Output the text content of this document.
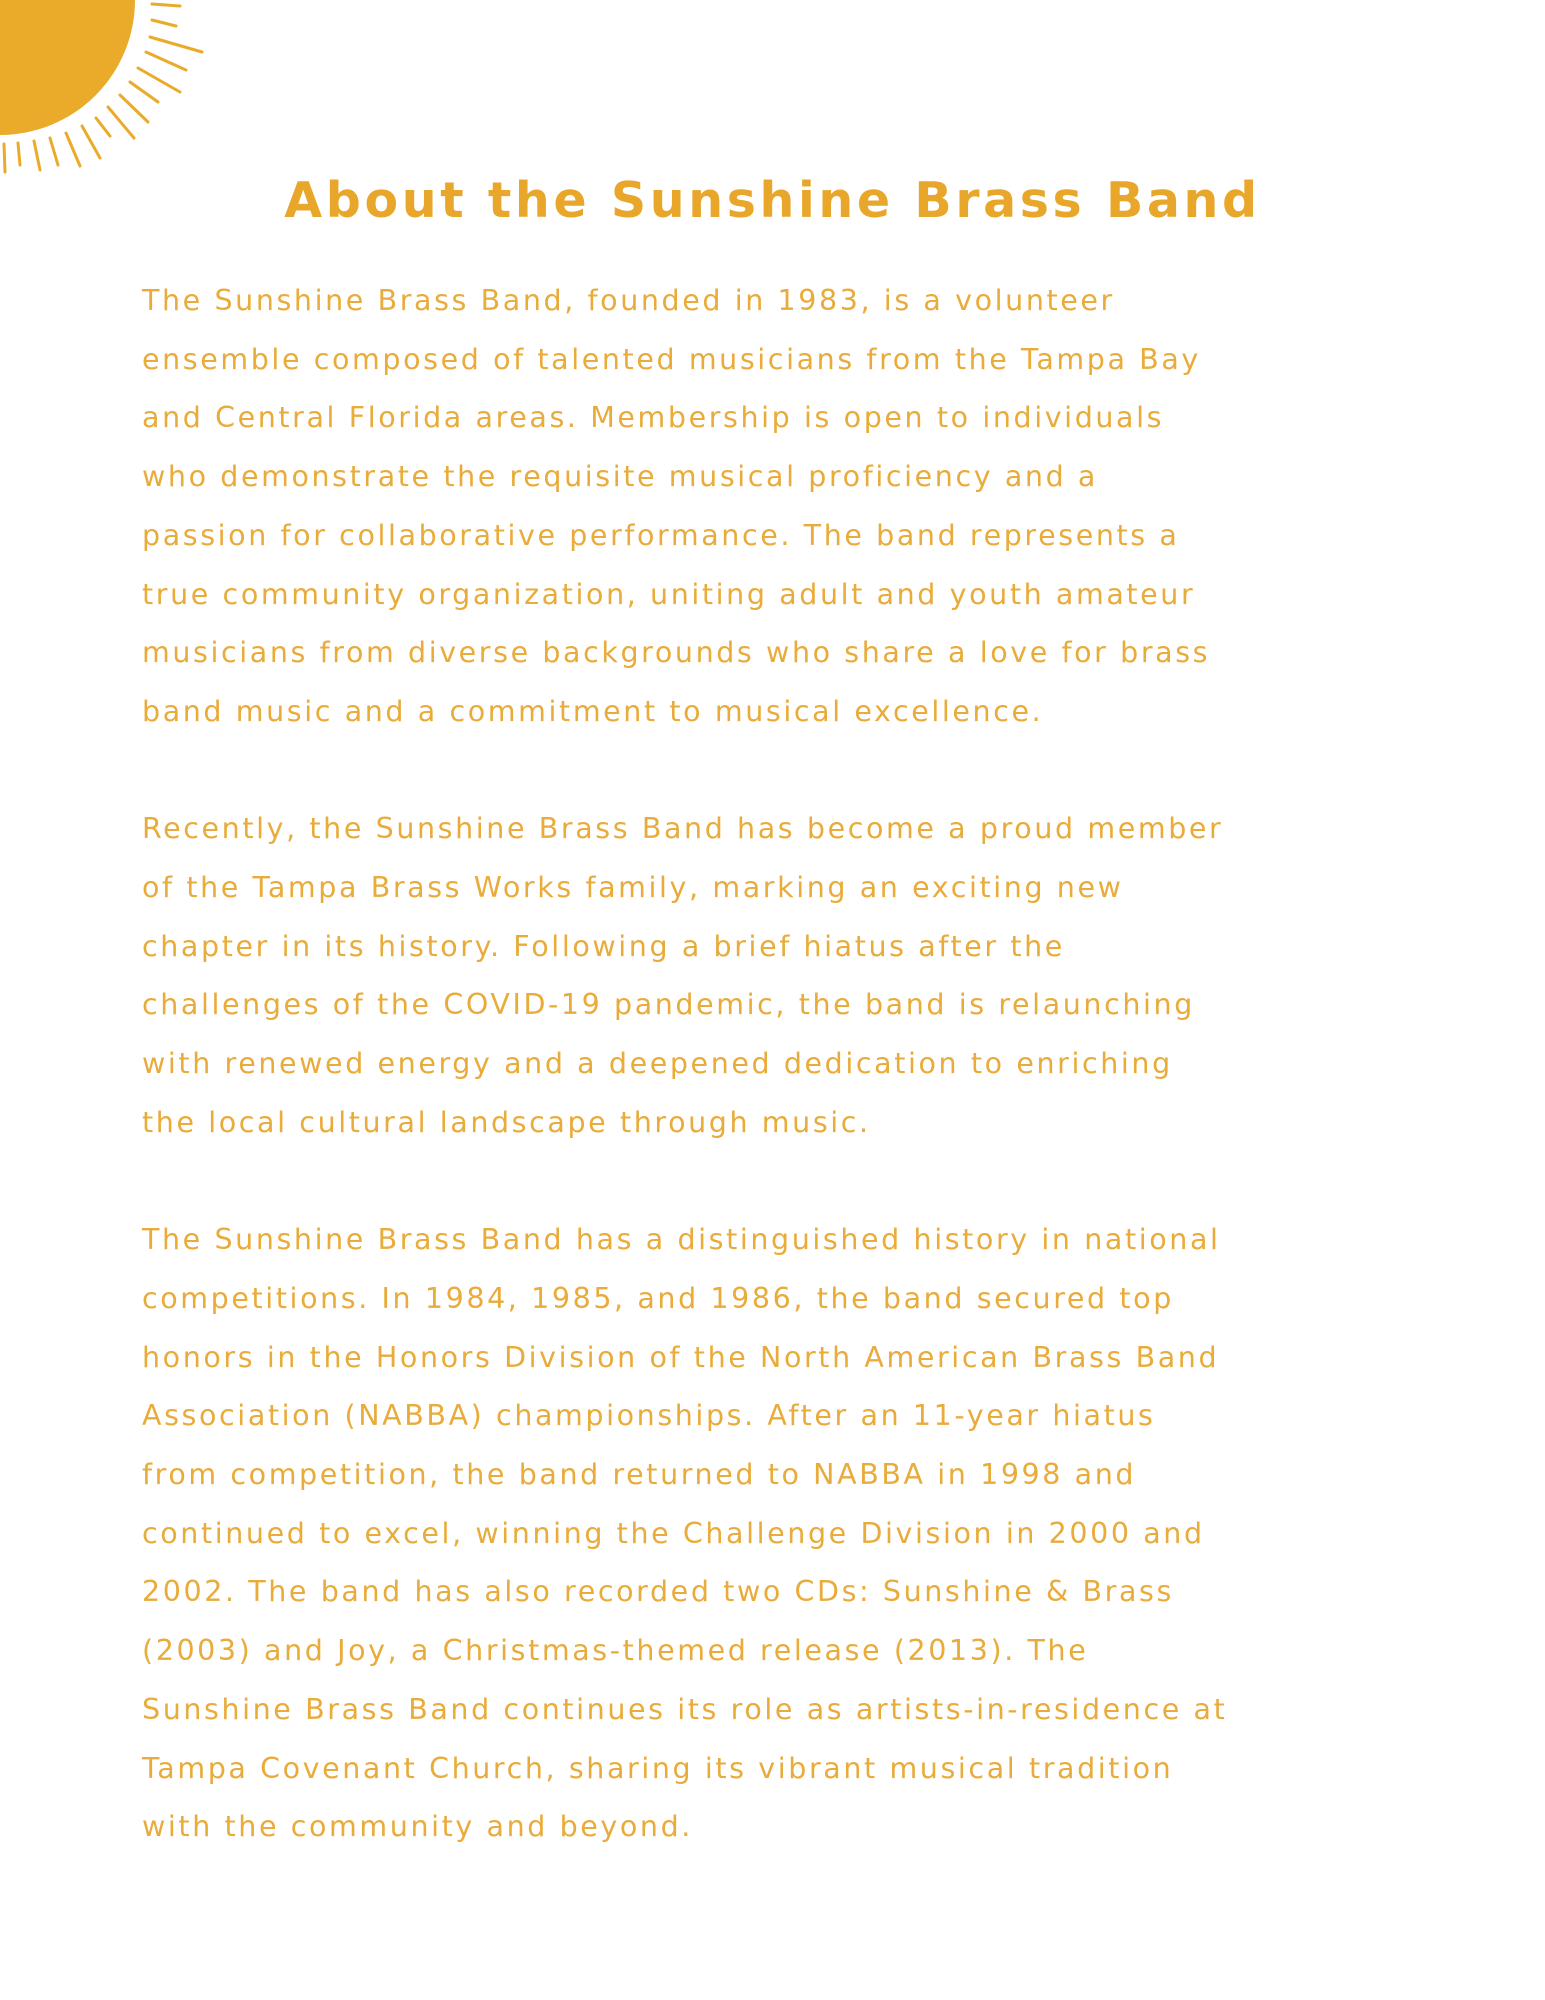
About the Sunshine Brass Band

The Sunshine Brass Band, founded in 1983, is a volunteer
ensemble composed of talented musicians from the Tampa Bay
and Central Florida areas. Membership is open to individuals
who demonstrate the requisite musical proficiency and a
passion for collaborative performance. The band represents a
true community organization, uniting adult and youth amateur
musicians from diverse backgrounds who share a love for brass
band music and a commitment to musical excellence.

Recently, the Sunshine Brass Band has become a proud member
of the Tampa Brass Works family, marking an exciting new
chapter in its history. Following a brief hiatus after the
challenges of the COVID-19 pandemic, the band is relaunching
with renewed energy and a deepened dedication to enriching
the local cultural landscape through music.

The Sunshine Brass Band has a distinguished history in national
competitions. In 1984, 1985, and 1986, the band secured top
honors in the Honors Division of the North American Brass Band
Association (NABBA) championships. After an 11-year hiatus
from competition, the band returned to NABBA in 1998 and
continued to excel, winning the Challenge Division in 2000 and
2002. The band has also recorded two CDs: Sunshine & Brass
(2003) and Joy, a Christmas-themed release (2013). The
Sunshine Brass Band continues its role as artists-in-residence at
Tampa Covenant Church, sharing its vibrant musical tradition
with the community and beyond.
